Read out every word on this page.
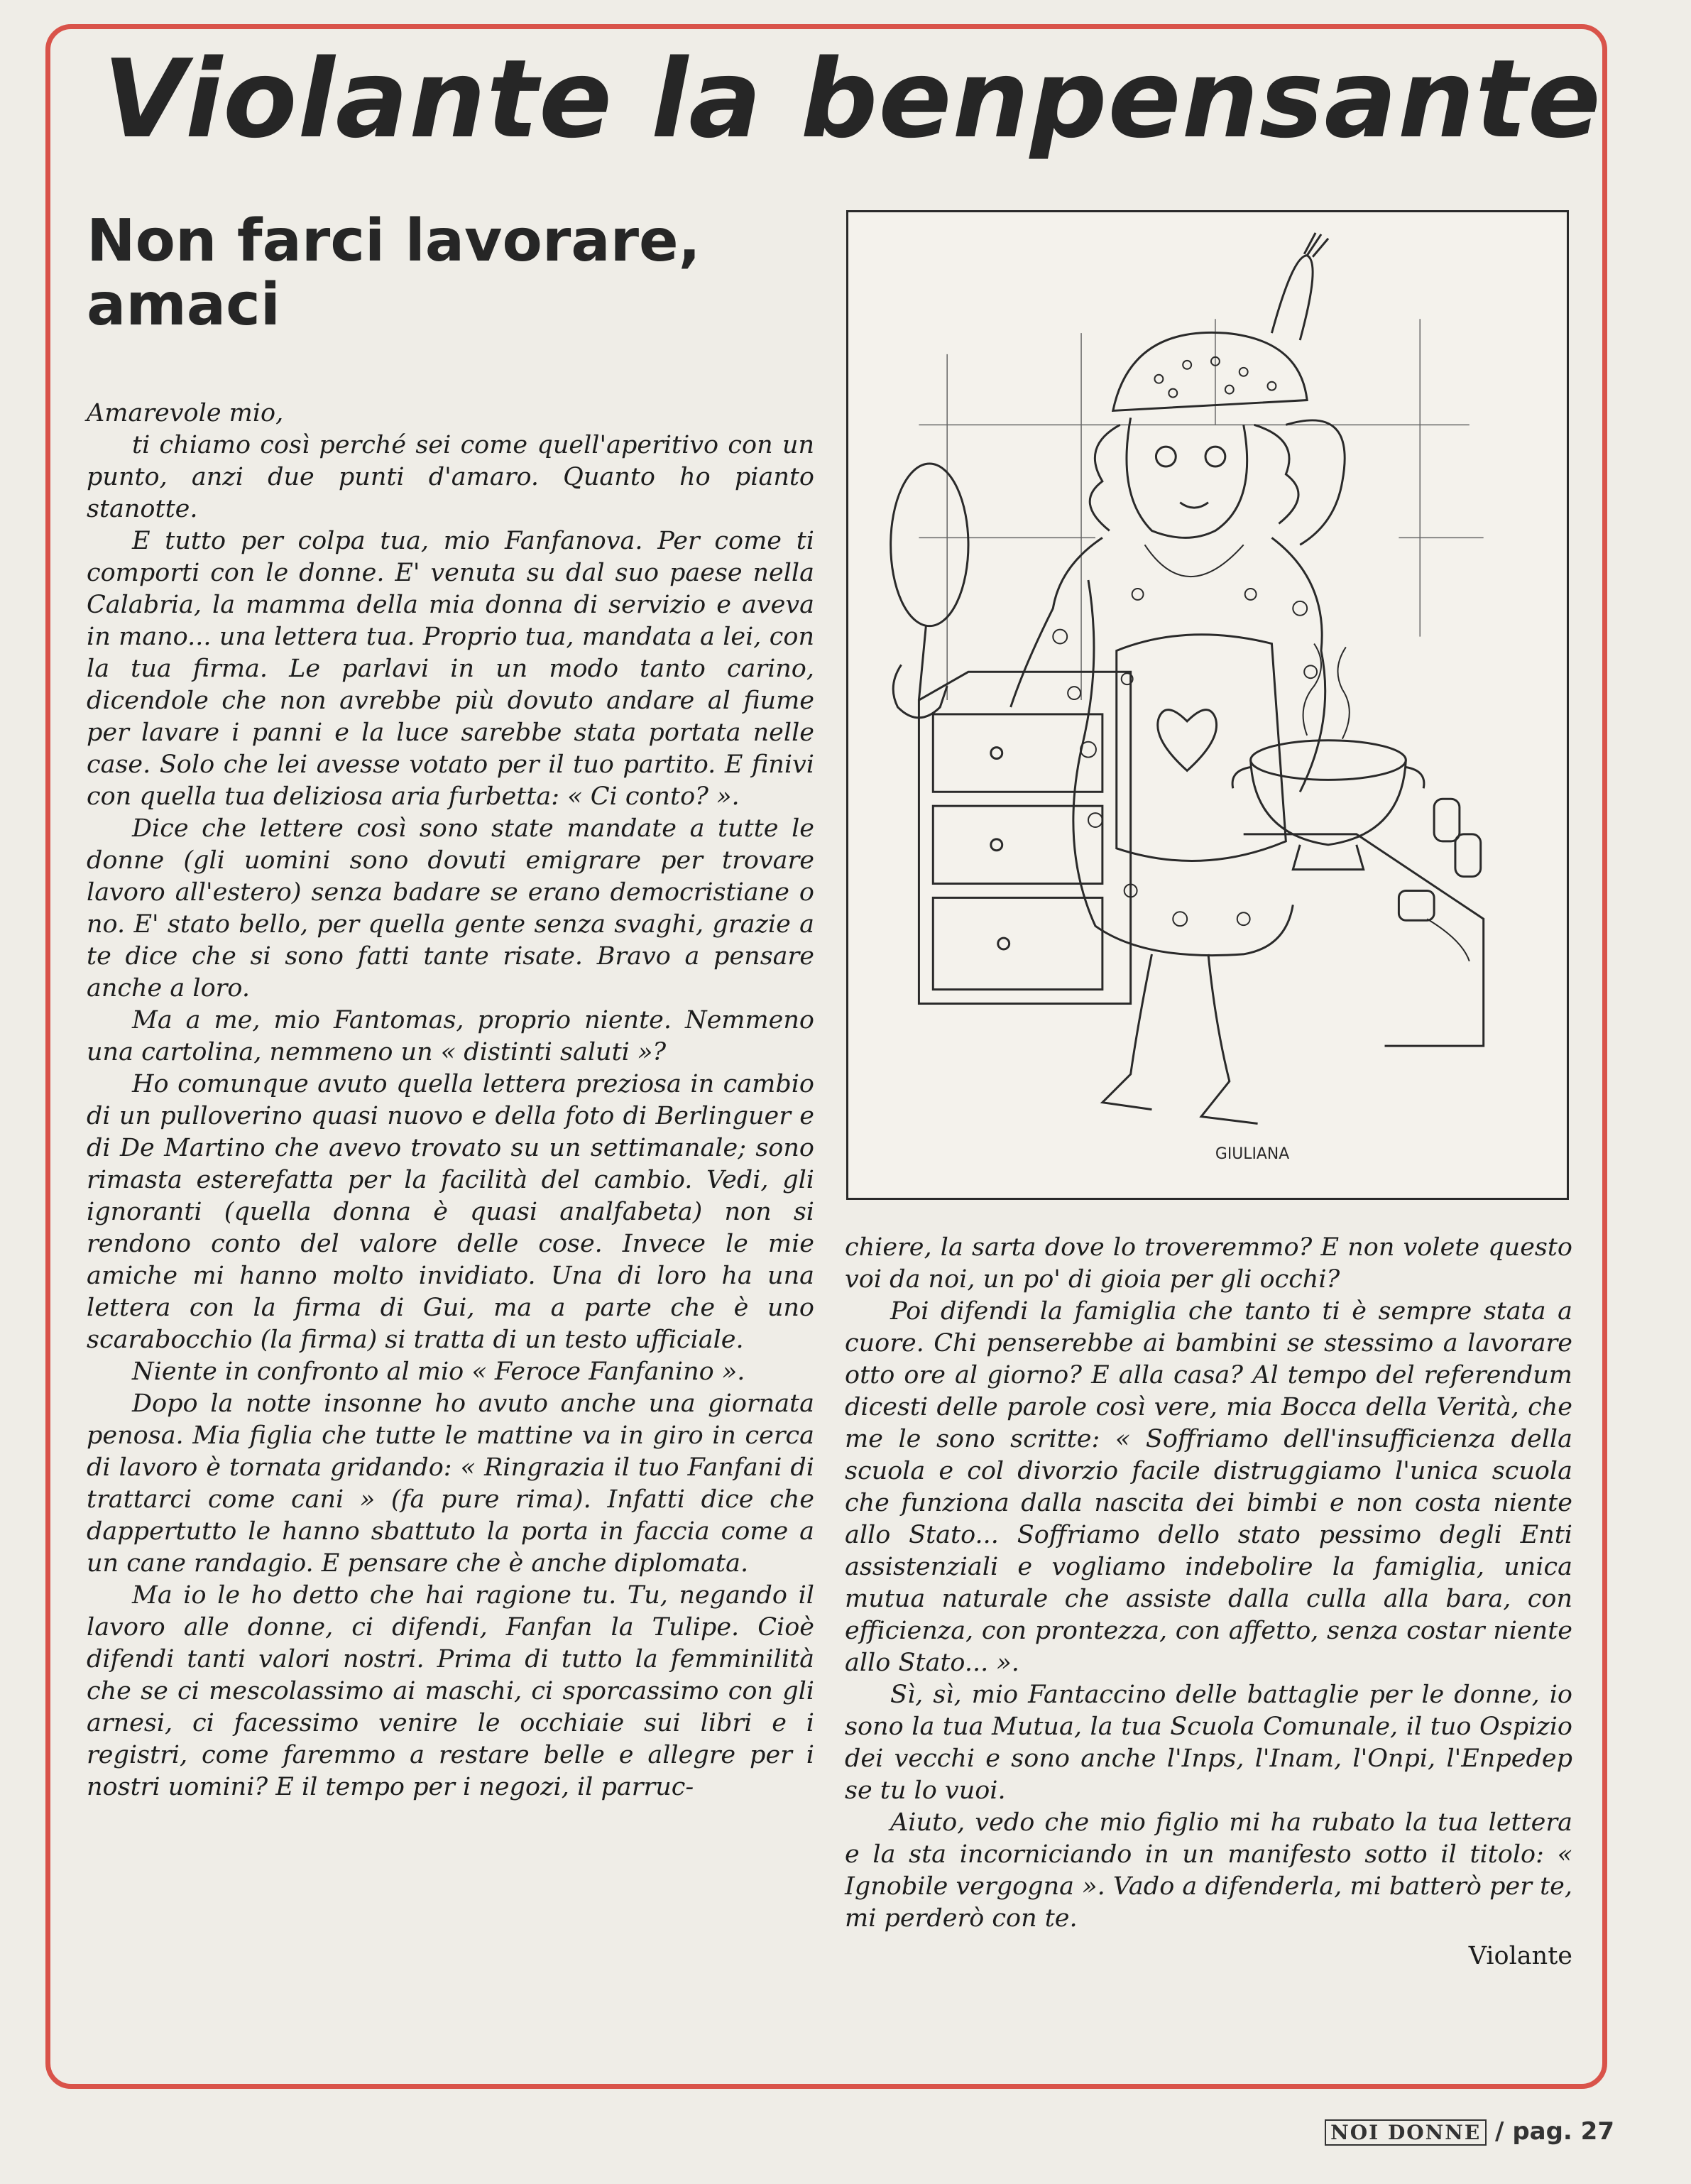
Violante la benpensante
Non farci lavorare, amaci

Amarevole mio,

ti chiamo così perché sei come quell'aperitivo con un punto, anzi due punti d'amaro. Quanto ho pianto stanotte.

E tutto per colpa tua, mio Fanfanova. Per come ti comporti con le donne. E' venuta su dal suo paese nella Calabria, la mamma della mia donna di servizio e aveva in mano... una lettera tua. Proprio tua, mandata a lei, con la tua firma. Le parlavi in un modo tanto carino, dicendole che non avrebbe più dovuto andare al fiume per lavare i panni e la luce sarebbe stata portata nelle case. Solo che lei avesse votato per il tuo partito. E finivi con quella tua deliziosa aria furbetta: « Ci conto? ».

Dice che lettere così sono state mandate a tutte le donne (gli uomini sono dovuti emigrare per trovare lavoro all'estero) senza badare se erano democristiane o no. E' stato bello, per quella gente senza svaghi, grazie a te dice che si sono fatti tante risate. Bravo a pensare anche a loro.

Ma a me, mio Fantomas, proprio niente. Nemmeno una cartolina, nemmeno un « distinti saluti »?

Ho comunque avuto quella lettera preziosa in cambio di un pulloverino quasi nuovo e della foto di Berlinguer e di De Martino che avevo trovato su un settimanale; sono rimasta esterefatta per la facilità del cambio. Vedi, gli ignoranti (quella donna è quasi analfabeta) non si rendono conto del valore delle cose. Invece le mie amiche mi hanno molto invidiato. Una di loro ha una lettera con la firma di Gui, ma a parte che è uno scarabocchio (la firma) si tratta di un testo ufficiale.

Niente in confronto al mio « Feroce Fanfanino ».

Dopo la notte insonne ho avuto anche una giornata penosa. Mia figlia che tutte le mattine va in giro in cerca di lavoro è tornata gridando: « Ringrazia il tuo Fanfani di trattarci come cani » (fa pure rima). Infatti dice che dappertutto le hanno sbattuto la porta in faccia come a un cane randagio. E pensare che è anche diplomata.

Ma io le ho detto che hai ragione tu. Tu, negando il lavoro alle donne, ci difendi, Fanfan la Tulipe. Cioè difendi tanti valori nostri. Prima di tutto la femminilità che se ci mescolassimo ai maschi, ci sporcassimo con gli arnesi, ci facessimo venire le occhiaie sui libri e i registri, come faremmo a restare belle e allegre per i nostri uomini? E il tempo per i negozi, il parruc-

GIULIANA

chiere, la sarta dove lo troveremmo? E non volete questo voi da noi, un po' di gioia per gli occhi?

Poi difendi la famiglia che tanto ti è sempre stata a cuore. Chi penserebbe ai bambini se stessimo a lavorare otto ore al giorno? E alla casa? Al tempo del referendum dicesti delle parole così vere, mia Bocca della Verità, che me le sono scritte: « Soffriamo dell'insufficienza della scuola e col divorzio facile distruggiamo l'unica scuola che funziona dalla nascita dei bimbi e non costa niente allo Stato... Soffriamo dello stato pessimo degli Enti assistenziali e vogliamo indebolire la famiglia, unica mutua naturale che assiste dalla culla alla bara, con efficienza, con prontezza, con affetto, senza costar niente allo Stato... ».

Sì, sì, mio Fantaccino delle battaglie per le donne, io sono la tua Mutua, la tua Scuola Comunale, il tuo Ospizio dei vecchi e sono anche l'Inps, l'Inam, l'Onpi, l'Enpedep se tu lo vuoi.

Aiuto, vedo che mio figlio mi ha rubato la tua lettera e la sta incorniciando in un manifesto sotto il titolo: « Ignobile vergogna ». Vado a difenderla, mi batterò per te, mi perderò con te.

Violante

NOI DONNE / pag. 27
